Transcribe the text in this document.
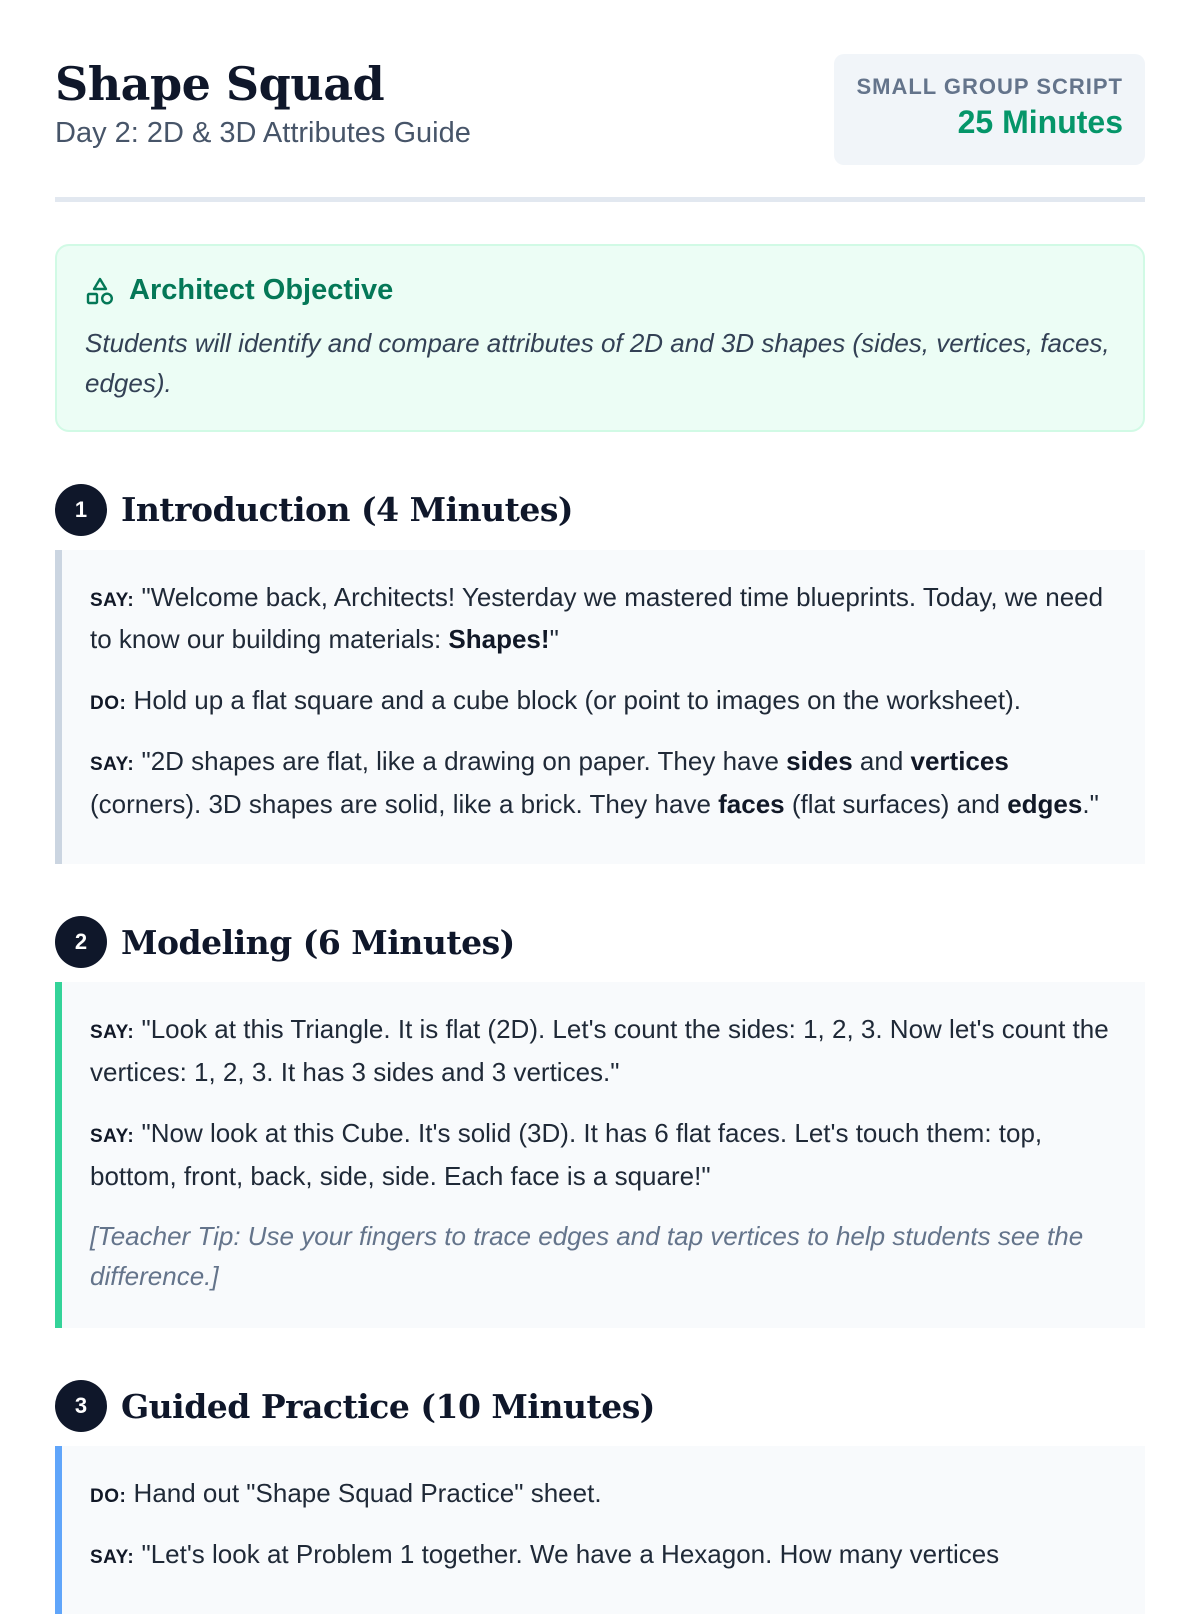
Shape Squad
Day 2: 2D & 3D Attributes Guide
SMALL GROUP SCRIPT
25 Minutes
Architect Objective
Students will identify and compare attributes of 2D and 3D shapes (sides, vertices, faces, edges).
1	Introduction (4 Minutes)
SAY: "Welcome back, Architects! Yesterday we mastered time blueprints. Today, we need to know our building materials: Shapes!"
DO: Hold up a flat square and a cube block (or point to images on the worksheet).
SAY: "2D shapes are flat, like a drawing on paper. They have sides and vertices (corners). 3D shapes are solid, like a brick. They have faces (flat surfaces) and edges."
2	Modeling (6 Minutes)
SAY: "Look at this Triangle. It is flat (2D). Let's count the sides: 1, 2, 3. Now let's count the vertices: 1, 2, 3. It has 3 sides and 3 vertices."
SAY: "Now look at this Cube. It's solid (3D). It has 6 flat faces. Let's touch them: top, bottom, front, back, side, side. Each face is a square!"
[Teacher Tip: Use your fingers to trace edges and tap vertices to help students see the difference.]
3	Guided Practice (10 Minutes)
DO: Hand out "Shape Squad Practice" sheet.
SAY: "Let's look at Problem 1 together. We have a Hexagon. How many vertices
